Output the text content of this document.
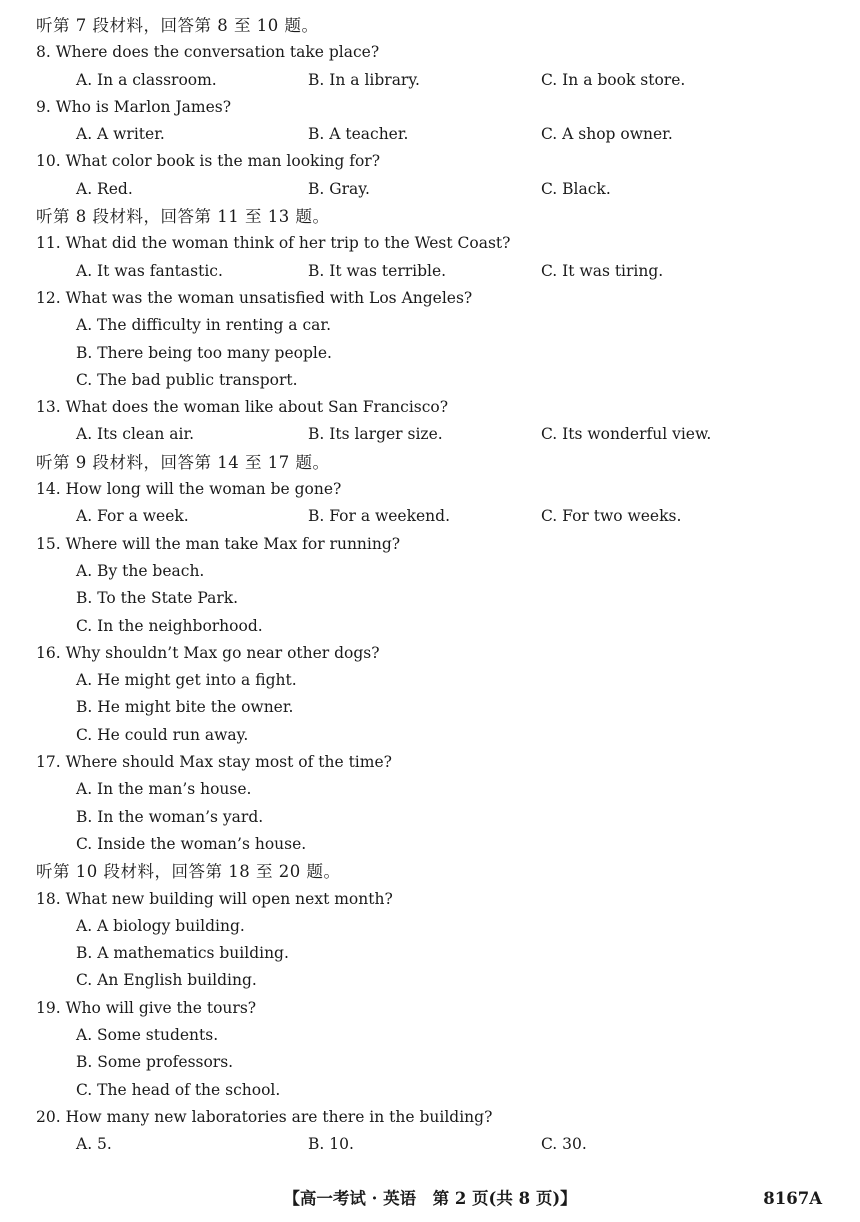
听第 7 段材料，回答第 8 至 10 题。
8. Where does the conversation take place?
A. In a classroom.	B. In a library.	C. In a book store.
9. Who is Marlon James?
A. A writer.	B. A teacher.	C. A shop owner.
10. What color book is the man looking for?
A. Red.	B. Gray.	C. Black.
听第 8 段材料，回答第 11 至 13 题。
11. What did the woman think of her trip to the West Coast?
A. It was fantastic.	B. It was terrible.	C. It was tiring.
12. What was the woman unsatisfied with Los Angeles?
A. The difficulty in renting a car.
B. There being too many people.
C. The bad public transport.
13. What does the woman like about San Francisco?
A. Its clean air.	B. Its larger size.	C. Its wonderful view.
听第 9 段材料，回答第 14 至 17 题。
14. How long will the woman be gone?
A. For a week.	B. For a weekend.	C. For two weeks.
15. Where will the man take Max for running?
A. By the beach.
B. To the State Park.
C. In the neighborhood.
16. Why shouldn’t Max go near other dogs?
A. He might get into a fight.
B. He might bite the owner.
C. He could run away.
17. Where should Max stay most of the time?
A. In the man’s house.
B. In the woman’s yard.
C. Inside the woman’s house.
听第 10 段材料，回答第 18 至 20 题。
18. What new building will open next month?
A. A biology building.
B. A mathematics building.
C. An English building.
19. Who will give the tours?
A. Some students.
B. Some professors.
C. The head of the school.
20. How many new laboratories are there in the building?
A. 5.	B. 10.	C. 30.
【高一考试 · 英语　第 2 页(共 8 页)】	8167A
